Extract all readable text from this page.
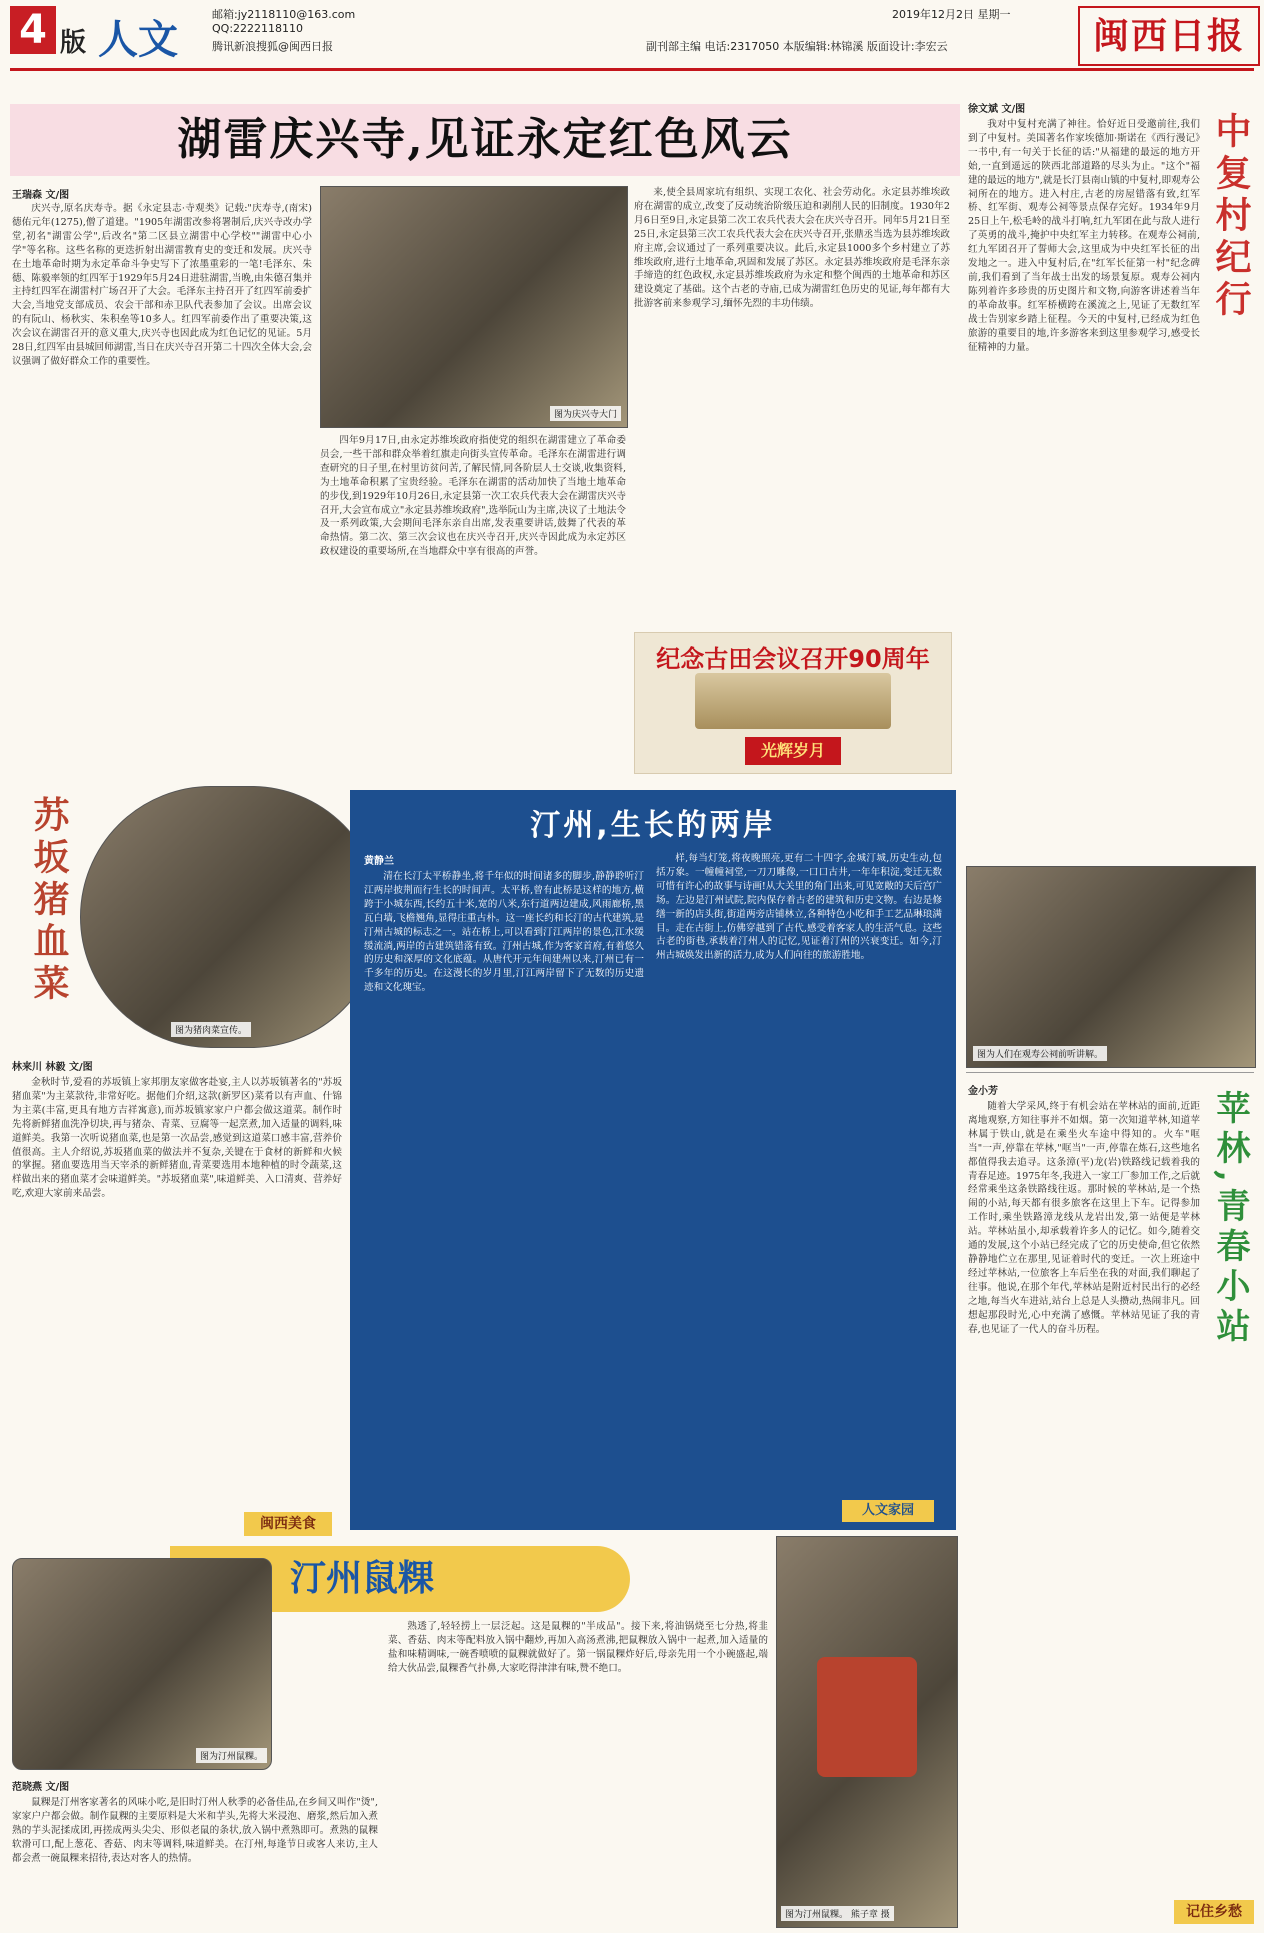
4 版 人文
邮箱:jy2118110@163.com
QQ:2222118110
腾讯新浪搜狐@闽西日报
2019年12月2日 星期一
副刊部主编 电话:2317050 本版编辑:林锦溪 版面设计:李宏云	闽西日报
湖雷庆兴寺,见证永定红色风云
王瑞森 文/图

庆兴寺,原名庆寿寺。据《永定县志·寺观类》记载:"庆寿寺,(南宋)德佑元年(1275),僧了道建。"1905年湖雷改参将署制后,庆兴寺改办学堂,初名"湖雷公学",后改名"第二区县立湖雷中心学校""湖雷中心小学"等名称。这些名称的更迭折射出湖雷教育史的变迁和发展。庆兴寺在土地革命时期为永定革命斗争史写下了浓墨重彩的一笔!毛泽东、朱德、陈毅率领的红四军于1929年5月24日进驻湖雷,当晚,由朱德召集并主持红四军在湖雷村广场召开了大会。毛泽东主持召开了红四军前委扩大会,当地党支部成员、农会干部和赤卫队代表参加了会议。出席会议的有阮山、杨秋实、朱积垒等10多人。红四军前委作出了重要决策,这次会议在湖雷召开的意义重大,庆兴寺也因此成为红色记忆的见证。5月28日,红四军由县城回师湖雷,当日在庆兴寺召开第二十四次全体大会,会议强调了做好群众工作的重要性。

图为庆兴寺大门

四年9月17日,由永定苏维埃政府指使党的组织在湖雷建立了革命委员会,一些干部和群众举着红旗走向街头宣传革命。毛泽东在湖雷进行调查研究的日子里,在村里访贫问苦,了解民情,同各阶层人士交谈,收集资料,为土地革命积累了宝贵经验。毛泽东在湖雷的活动加快了当地土地革命的步伐,到1929年10月26日,永定县第一次工农兵代表大会在湖雷庆兴寺召开,大会宣布成立"永定县苏维埃政府",选举阮山为主席,决议了土地法令及一系列政策,大会期间毛泽东亲自出席,发表重要讲话,鼓舞了代表的革命热情。第二次、第三次会议也在庆兴寺召开,庆兴寺因此成为永定苏区政权建设的重要场所,在当地群众中享有很高的声誉。

来,使全县周家坑有组织、实现工农化、社会劳动化。永定县苏维埃政府在湖雷的成立,改变了反动统治阶级压迫和剥削人民的旧制度。1930年2月6日至9日,永定县第二次工农兵代表大会在庆兴寺召开。同年5月21日至25日,永定县第三次工农兵代表大会在庆兴寺召开,张鼎丞当选为县苏维埃政府主席,会议通过了一系列重要决议。此后,永定县1000多个乡村建立了苏维埃政府,进行土地革命,巩固和发展了苏区。永定县苏维埃政府是毛泽东亲手缔造的红色政权,永定县苏维埃政府为永定和整个闽西的土地革命和苏区建设奠定了基础。这个古老的寺庙,已成为湖雷红色历史的见证,每年都有大批游客前来参观学习,缅怀先烈的丰功伟绩。

纪念古田会议召开90周年
光辉岁月
徐文斌 文/图
中复村纪行

我对中复村充满了神往。恰好近日受邀前往,我们到了中复村。美国著名作家埃德加·斯诺在《西行漫记》一书中,有一句关于长征的话:"从福建的最远的地方开始,一直到遥远的陕西北部道路的尽头为止。"这个"福建的最远的地方",就是长汀县南山镇的中复村,即观寿公祠所在的地方。进入村庄,古老的房屋错落有致,红军桥、红军街、观寿公祠等景点保存完好。1934年9月25日上午,松毛岭的战斗打响,红九军团在此与敌人进行了英勇的战斗,掩护中央红军主力转移。在观寿公祠前,红九军团召开了誓师大会,这里成为中央红军长征的出发地之一。进入中复村后,在"红军长征第一村"纪念碑前,我们看到了当年战士出发的场景复原。观寿公祠内陈列着许多珍贵的历史图片和文物,向游客讲述着当年的革命故事。红军桥横跨在溪流之上,见证了无数红军战士告别家乡踏上征程。今天的中复村,已经成为红色旅游的重要目的地,许多游客来到这里参观学习,感受长征精神的力量。

图为人们在观寿公祠前听讲解。
金小芳	苹林,青春小站

随着大学采风,终于有机会站在苹林站的面前,近距离地观察,方知往事并不如烟。第一次知道苹林,知道苹林属于铁山,就是在乘坐火车途中得知的。火车"哐当"一声,停靠在苹林,"哐当"一声,停靠在炼石,这些地名都值得我去追寻。这条漳(平)龙(岩)铁路线记载着我的青春足迹。1975年冬,我进入一家工厂参加工作,之后就经常乘坐这条铁路线往返。那时候的苹林站,是一个热闹的小站,每天都有很多旅客在这里上下车。记得参加工作时,乘坐铁路漳龙线从龙岩出发,第一站便是苹林站。苹林站虽小,却承载着许多人的记忆。如今,随着交通的发展,这个小站已经完成了它的历史使命,但它依然静静地伫立在那里,见证着时代的变迁。一次上班途中经过苹林站,一位旅客上车后坐在我的对面,我们聊起了往事。他说,在那个年代,苹林站是附近村民出行的必经之地,每当火车进站,站台上总是人头攒动,热闹非凡。回想起那段时光,心中充满了感慨。苹林站见证了我的青春,也见证了一代人的奋斗历程。

记住乡愁
苏坂猪血菜
图为猪肉菜宣传。
林来川 林毅 文/图

金秋时节,爱看的苏坂镇上家邦朋友家做客赴宴,主人以苏坂镇著名的"苏坂猪血菜"为主菜款待,非常好吃。据他们介绍,这款(新罗区)菜肴以有声血、什锦为主菜(丰富,更具有地方吉祥寓意),而苏坂镇家家户户都会做这道菜。制作时先将新鲜猪血洗净切块,再与猪杂、青菜、豆腐等一起烹煮,加入适量的调料,味道鲜美。我第一次听说猪血菜,也是第一次品尝,感觉到这道菜口感丰富,营养价值很高。主人介绍说,苏坂猪血菜的做法并不复杂,关键在于食材的新鲜和火候的掌握。猪血要选用当天宰杀的新鲜猪血,青菜要选用本地种植的时令蔬菜,这样做出来的猪血菜才会味道鲜美。"苏坂猪血菜",味道鲜美、入口清爽、营养好吃,欢迎大家前来品尝。

闽西美食
汀州,生长的两岸
黄静兰

清在长汀太平桥静坐,将千年似的时间诸多的脚步,静静聆听汀江两岸披荆而行生长的时间声。太平桥,曾有此桥是这样的地方,横跨于小城东西,长约五十米,宽的八米,东行道两边建成,风雨廊桥,黑瓦白墙,飞檐翘角,显得庄重古朴。这一座长约和长汀的古代建筑,是汀州古城的标志之一。站在桥上,可以看到汀江两岸的景色,江水缓缓流淌,两岸的古建筑错落有致。汀州古城,作为客家首府,有着悠久的历史和深厚的文化底蕴。从唐代开元年间建州以来,汀州已有一千多年的历史。在这漫长的岁月里,汀江两岸留下了无数的历史遗迹和文化瑰宝。

样,每当灯笼,将夜晚照亮,更有二十四字,金城汀城,历史生动,包括万象。一幢幢祠堂,一刀刀雕像,一口口古井,一年年积淀,变迁无数可惜有许心的故事与诗画!从大关里的角门出来,可见宽敞的天后宫广场。左边是汀州试院,院内保存着古老的建筑和历史文物。右边是修缮一新的店头街,街道两旁店铺林立,各种特色小吃和手工艺品琳琅满目。走在古街上,仿佛穿越到了古代,感受着客家人的生活气息。这些古老的街巷,承载着汀州人的记忆,见证着汀州的兴衰变迁。如今,汀州古城焕发出新的活力,成为人们向往的旅游胜地。

人文家园
汀州鼠粿
图为汀州鼠粿。

熟透了,轻轻捞上一层泛起。这是鼠粿的"半成品"。接下来,将油锅烧至七分热,将韭菜、香菇、肉末等配料放入锅中翻炒,再加入高汤煮沸,把鼠粿放入锅中一起煮,加入适量的盐和味精调味,一碗香喷喷的鼠粿就做好了。第一锅鼠粿炸好后,母亲先用一个小碗盛起,端给大伙品尝,鼠粿香气扑鼻,大家吃得津津有味,赞不绝口。

范晓燕 文/图

鼠粿是汀州客家著名的风味小吃,是旧时汀州人秋季的必备佳品,在乡间又叫作"烫",家家户户都会做。制作鼠粿的主要原料是大米和芋头,先将大米浸泡、磨浆,然后加入煮熟的芋头泥揉成团,再搓成两头尖尖、形似老鼠的条状,放入锅中煮熟即可。煮熟的鼠粿软滑可口,配上葱花、香菇、肉末等调料,味道鲜美。在汀州,每逢节日或客人来访,主人都会煮一碗鼠粿来招待,表达对客人的热情。

图为汀州鼠粿。 熊子章 摄
